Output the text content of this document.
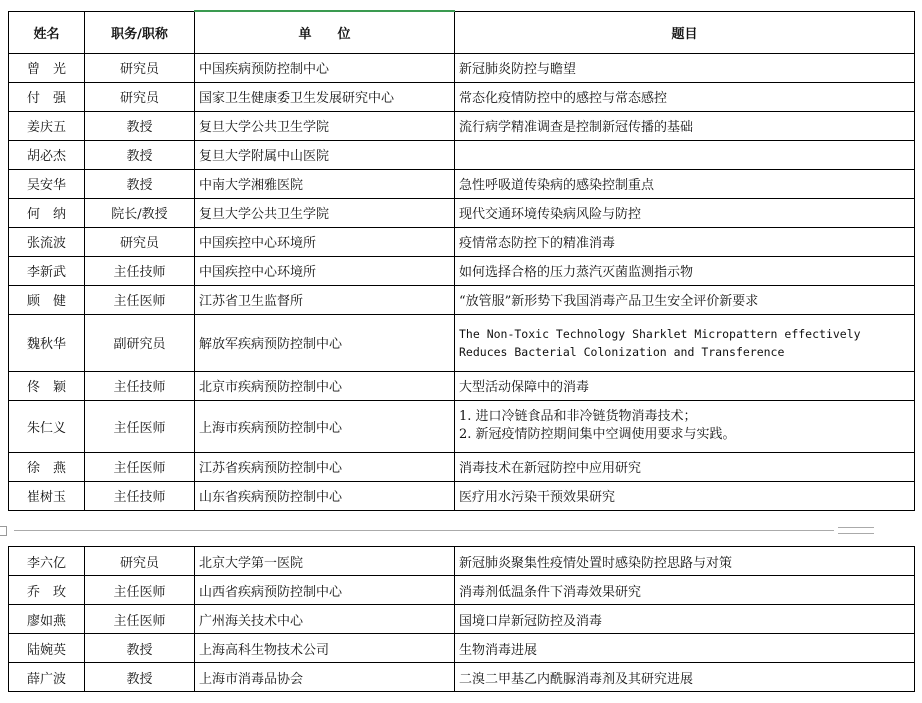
姓名	职务/职称	单　　位	题目
曾　光	研究员	中国疾病预防控制中心	新冠肺炎防控与瞻望
付　强	研究员	国家卫生健康委卫生发展研究中心	常态化疫情防控中的感控与常态感控
姜庆五	教授	复旦大学公共卫生学院	流行病学精准调查是控制新冠传播的基础
胡必杰	教授	复旦大学附属中山医院	
吴安华	教授	中南大学湘雅医院	急性呼吸道传染病的感染控制重点
何　纳	院长/教授	复旦大学公共卫生学院	现代交通环境传染病风险与防控
张流波	研究员	中国疾控中心环境所	疫情常态防控下的精准消毒
李新武	主任技师	中国疾控中心环境所	如何选择合格的压力蒸汽灭菌监测指示物
顾　健	主任医师	江苏省卫生监督所	“放管服”新形势下我国消毒产品卫生安全评价新要求
魏秋华	副研究员	解放军疾病预防控制中心	The Non-Toxic Technology Sharklet Micropattern effectively Reduces Bacterial Colonization and Transference
佟　颖	主任技师	北京市疾病预防控制中心	大型活动保障中的消毒
朱仁义	主任医师	上海市疾病预防控制中心	1. 进口冷链食品和非冷链货物消毒技术；
2. 新冠疫情防控期间集中空调使用要求与实践。

徐　燕	主任医师	江苏省疾病预防控制中心	消毒技术在新冠防控中应用研究
崔树玉	主任技师	山东省疾病预防控制中心	医疗用水污染干预效果研究
李六亿	研究员	北京大学第一医院	新冠肺炎聚集性疫情处置时感染防控思路与对策
乔　玫	主任医师	山西省疾病预防控制中心	消毒剂低温条件下消毒效果研究
廖如燕	主任医师	广州海关技术中心	国境口岸新冠防控及消毒
陆婉英	教授	上海高科生物技术公司	生物消毒进展
薛广波	教授	上海市消毒品协会	二溴二甲基乙内酰脲消毒剂及其研究进展
